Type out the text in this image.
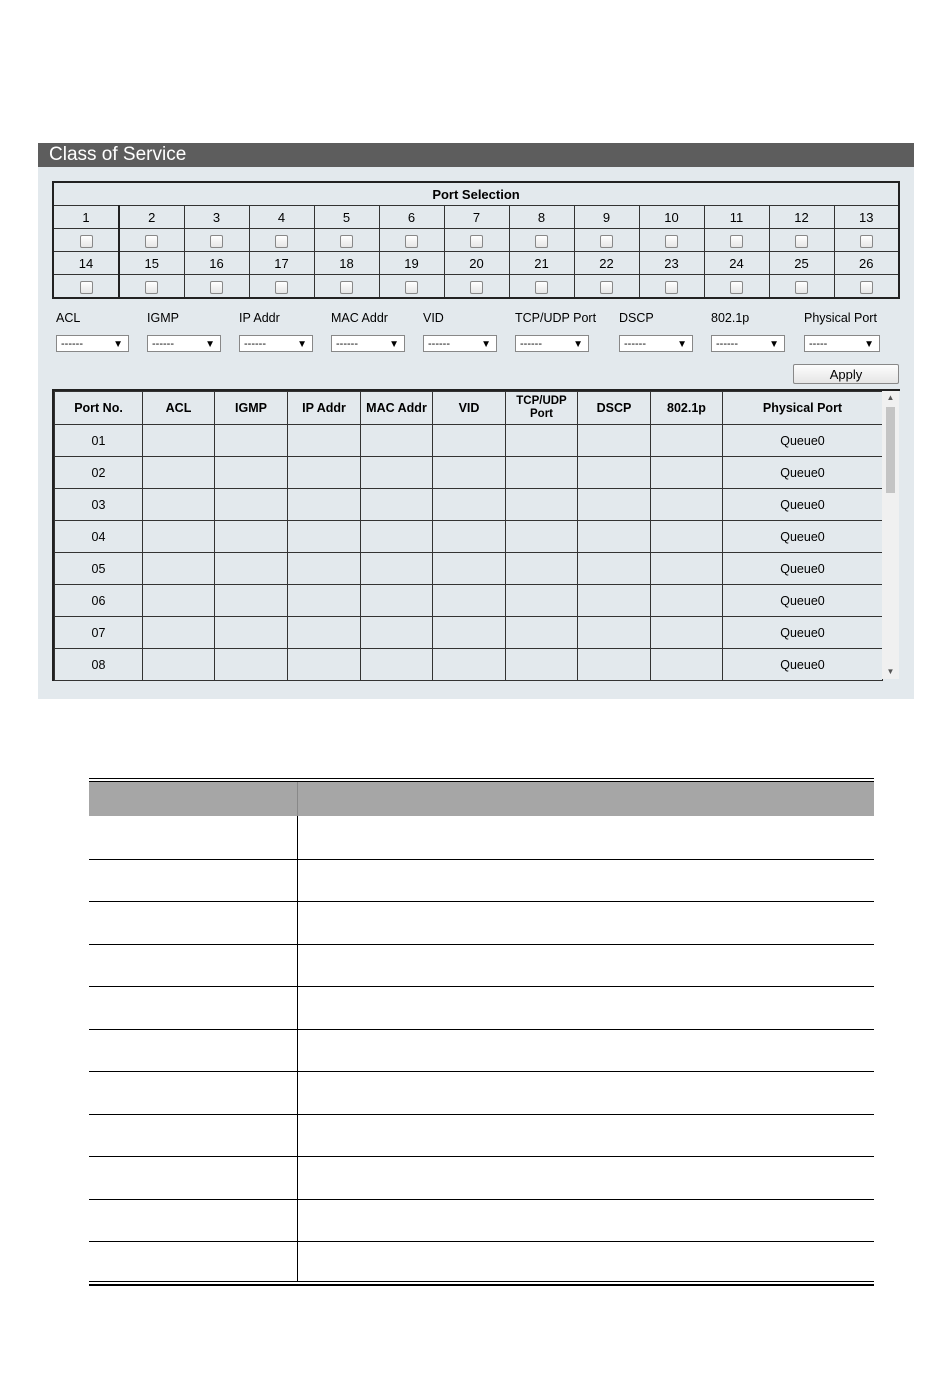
Class of Service
Port Selection												
1	2	3	4	5	6	7	8	9	10	11	12	13

14	15	16	17	18	19	20	21	22	23	24	25	26

ACL
------	▼
IGMP
------	▼
IP Addr
------	▼
MAC Addr
------	▼
VID
------	▼
TCP/UDP Port
------	▼
DSCP
------	▼
802.1p
------	▼
Physical Port
-----	▼
Apply
Port No.	ACL	IGMP	IP Addr	MAC Addr	VID	TCP/UDP Port	DSCP	802.1p	Physical Port
01									Queue0
02									Queue0
03									Queue0
04									Queue0
05									Queue0
06									Queue0
07									Queue0
08									Queue0

▲
▼
